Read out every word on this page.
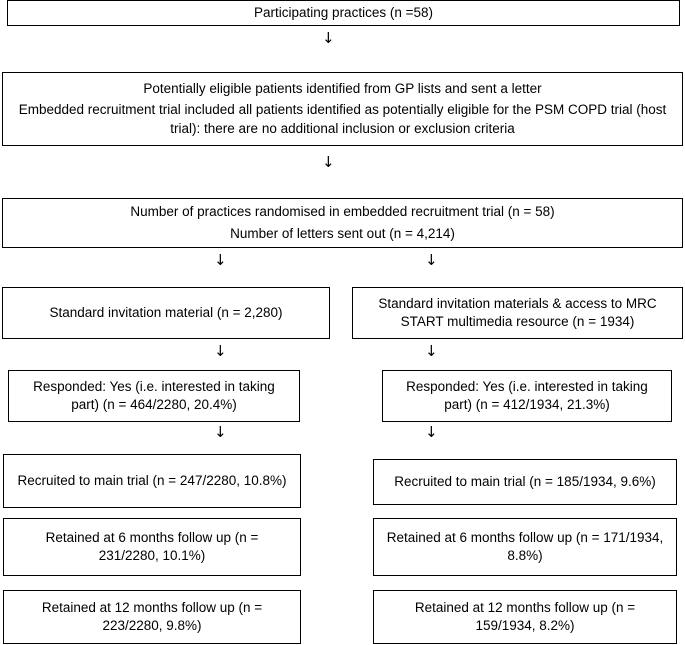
Participating practices (n =58)
↓
Potentially eligible patients identified from GP lists and sent a letter
Embedded recruitment trial included all patients identified as potentially eligible for the PSM COPD trial (host trial): there are no additional inclusion or exclusion criteria
↓
Number of practices randomised in embedded recruitment trial (n = 58)
Number of letters sent out (n = 4,214)
↓	↓
Standard invitation material (n = 2,280)
↓
Responded: Yes (i.e. interested in taking part) (n = 464/2280, 20.4%)
↓
Recruited to main trial (n = 247/2280, 10.8%)
Retained at 6 months follow up (n = 231/2280, 10.1%)
Retained at 12 months follow up (n = 223/2280, 9.8%)
Standard invitation materials & access to MRC START multimedia resource (n = 1934)
↓
Responded: Yes (i.e. interested in taking part) (n = 412/1934, 21.3%)
↓
Recruited to main trial (n = 185/1934, 9.6%)
Retained at 6 months follow up (n = 171/1934, 8.8%)
Retained at 12 months follow up (n = 159/1934, 8.2%)
